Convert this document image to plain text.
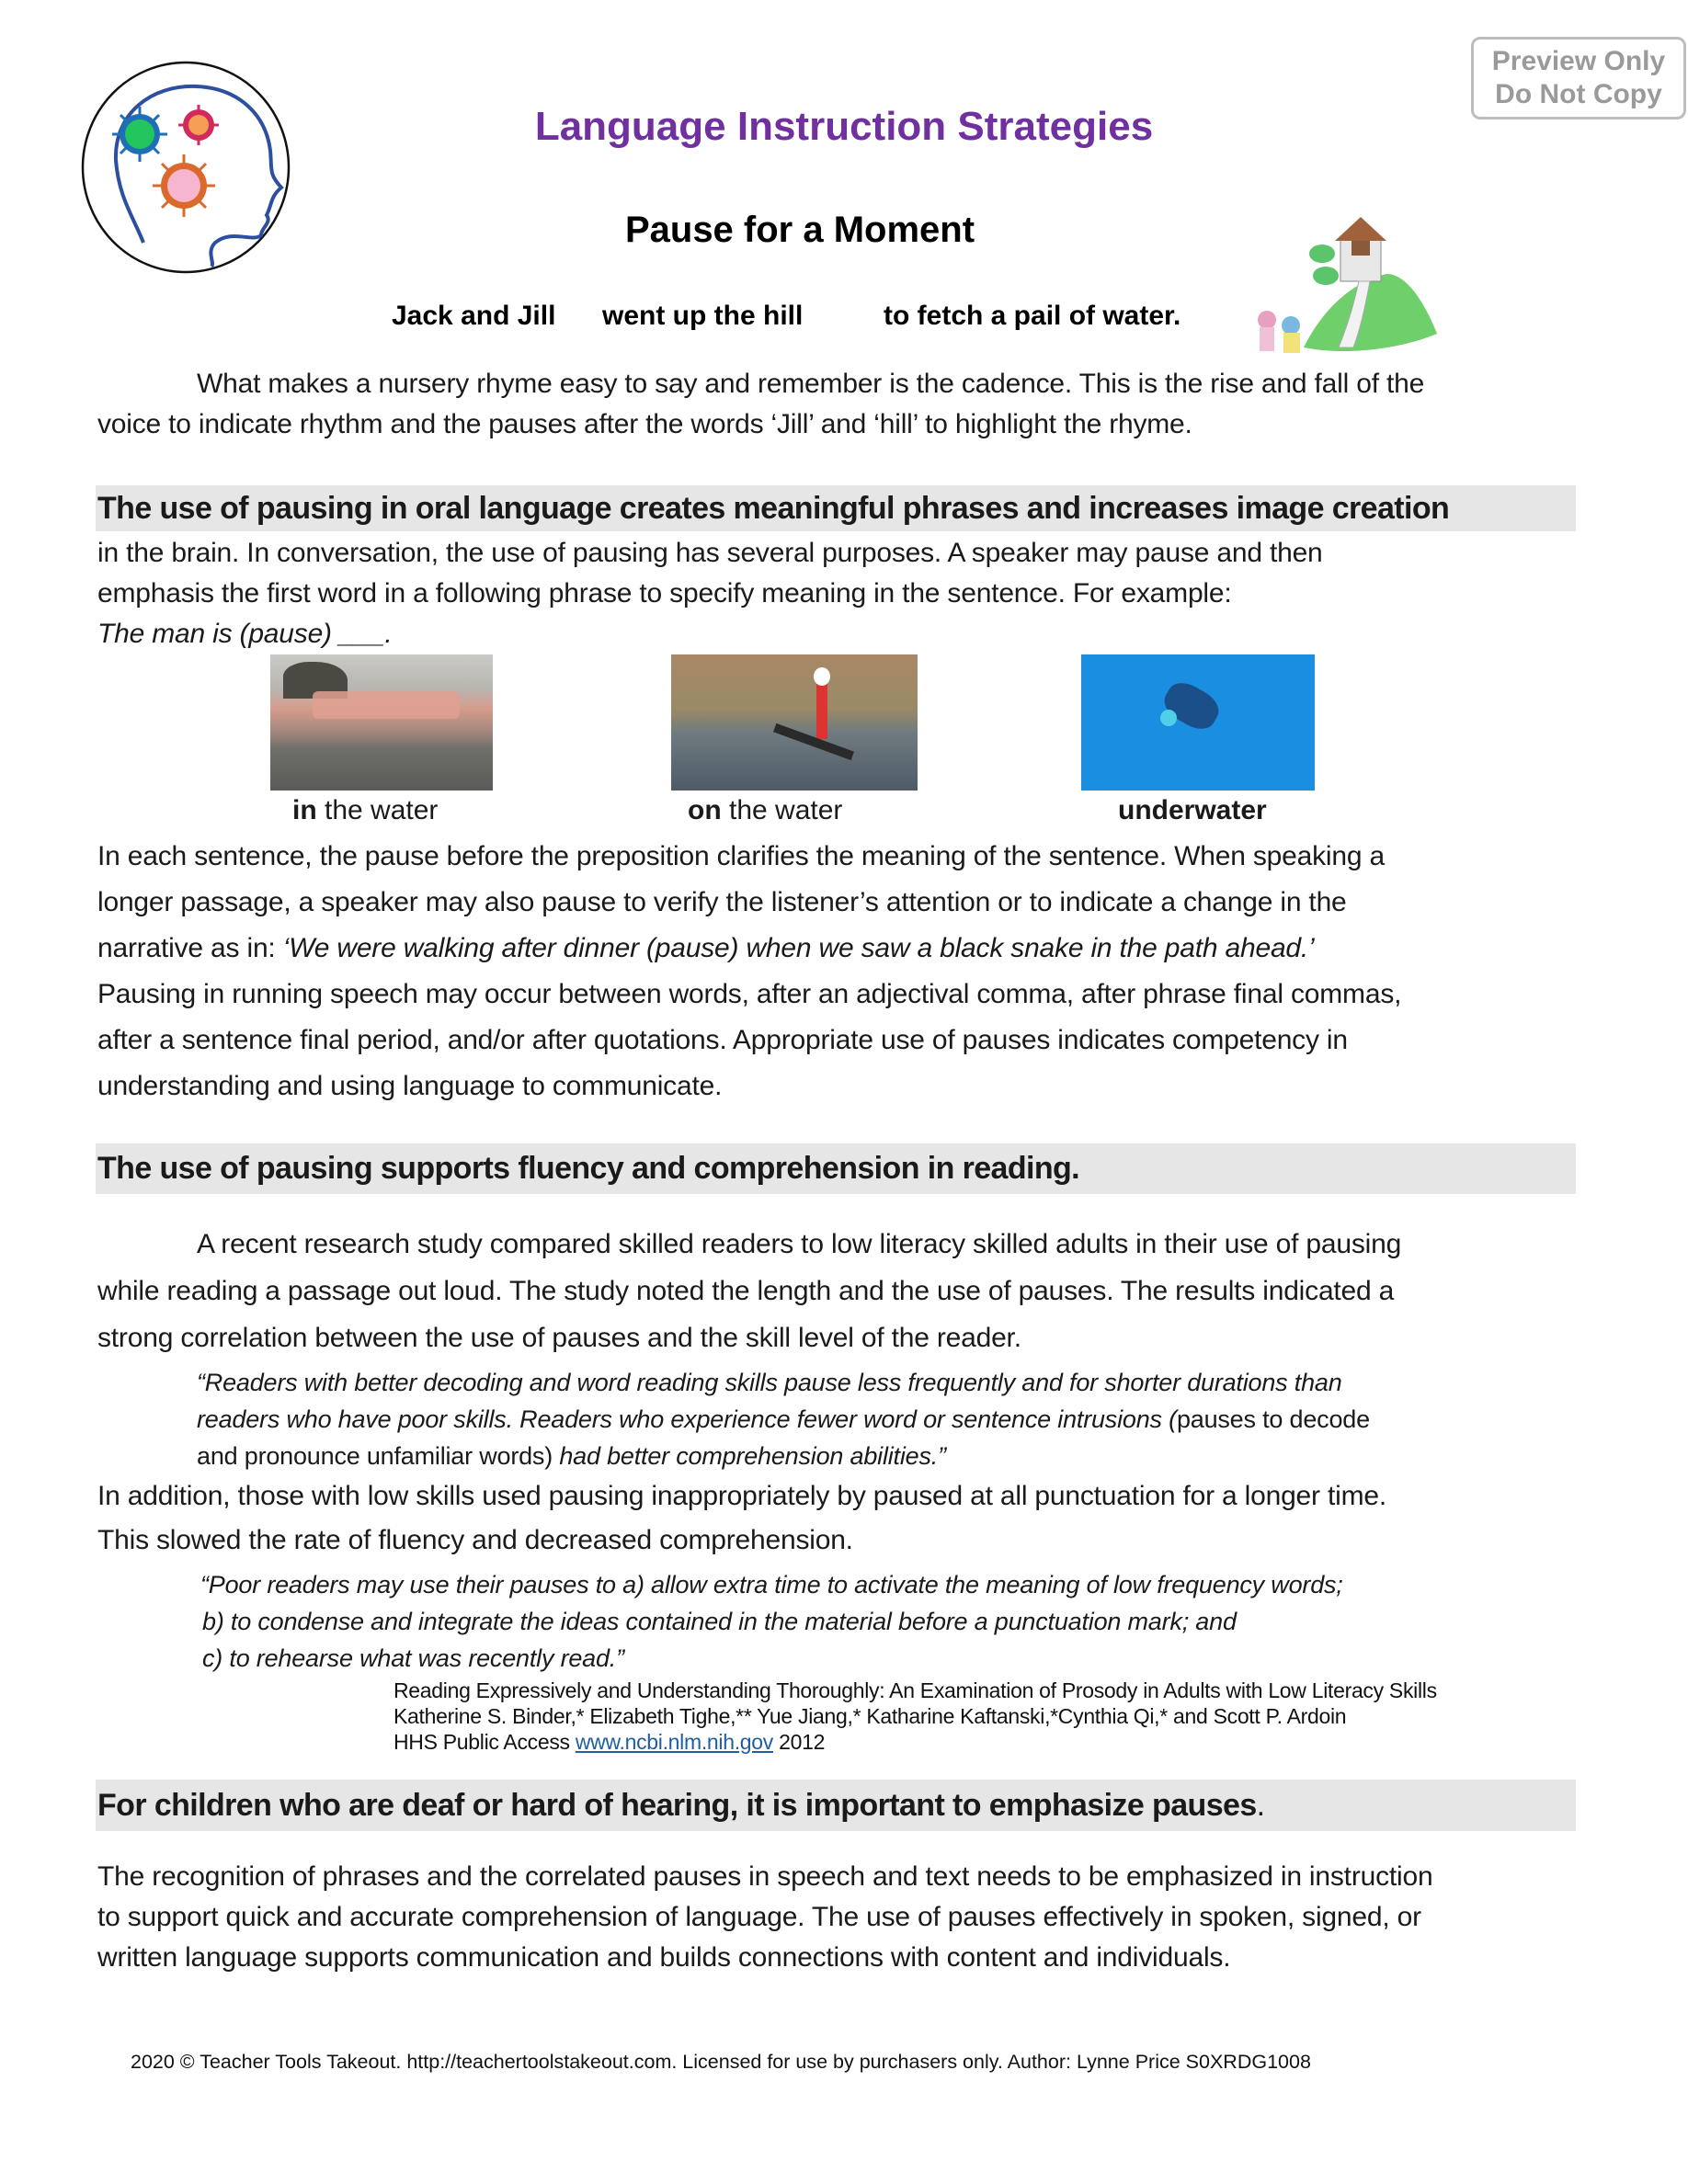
Preview Only
Do Not Copy
Language Instruction Strategies
Pause for a Moment
Jack and Jill went up the hill	to fetch a pail of water.
What makes a nursery rhyme easy to say and remember is the cadence. This is the rise and fall of the
voice to indicate rhythm and the pauses after the words ‘Jill’ and ‘hill’ to highlight the rhyme.
The use of pausing in oral language creates meaningful phrases and increases image creation
in the brain. In conversation, the use of pausing has several purposes. A speaker may pause and then
emphasis the first word in a following phrase to specify meaning in the sentence. For example:
The man is (pause) ___.
in the water	on the water	underwater
In each sentence, the pause before the preposition clarifies the meaning of the sentence. When speaking a
longer passage, a speaker may also pause to verify the listener’s attention or to indicate a change in the
narrative as in: ‘We were walking after dinner (pause) when we saw a black snake in the path ahead.’
Pausing in running speech may occur between words, after an adjectival comma, after phrase final commas,
after a sentence final period, and/or after quotations. Appropriate use of pauses indicates competency in
understanding and using language to communicate.
The use of pausing supports fluency and comprehension in reading.
A recent research study compared skilled readers to low literacy skilled adults in their use of pausing
while reading a passage out loud. The study noted the length and the use of pauses. The results indicated a
strong correlation between the use of pauses and the skill level of the reader.
“Readers with better decoding and word reading skills pause less frequently and for shorter durations than
readers who have poor skills. Readers who experience fewer word or sentence intrusions (pauses to decode
and pronounce unfamiliar words) had better comprehension abilities.”
In addition, those with low skills used pausing inappropriately by paused at all punctuation for a longer time.
This slowed the rate of fluency and decreased comprehension.
“Poor readers may use their pauses to a) allow extra time to activate the meaning of low frequency words;
b) to condense and integrate the ideas contained in the material before a punctuation mark; and
c) to rehearse what was recently read.”
Reading Expressively and Understanding Thoroughly: An Examination of Prosody in Adults with Low Literacy Skills
Katherine S. Binder,* Elizabeth Tighe,** Yue Jiang,* Katharine Kaftanski,*Cynthia Qi,* and Scott P. Ardoin
HHS Public Access www.ncbi.nlm.nih.gov 2012
For children who are deaf or hard of hearing, it is important to emphasize pauses.
The recognition of phrases and the correlated pauses in speech and text needs to be emphasized in instruction
to support quick and accurate comprehension of language. The use of pauses effectively in spoken, signed, or
written language supports communication and builds connections with content and individuals.
2020 © Teacher Tools Takeout. http://teachertoolstakeout.com. Licensed for use by purchasers only. Author: Lynne Price S0XRDG1008
